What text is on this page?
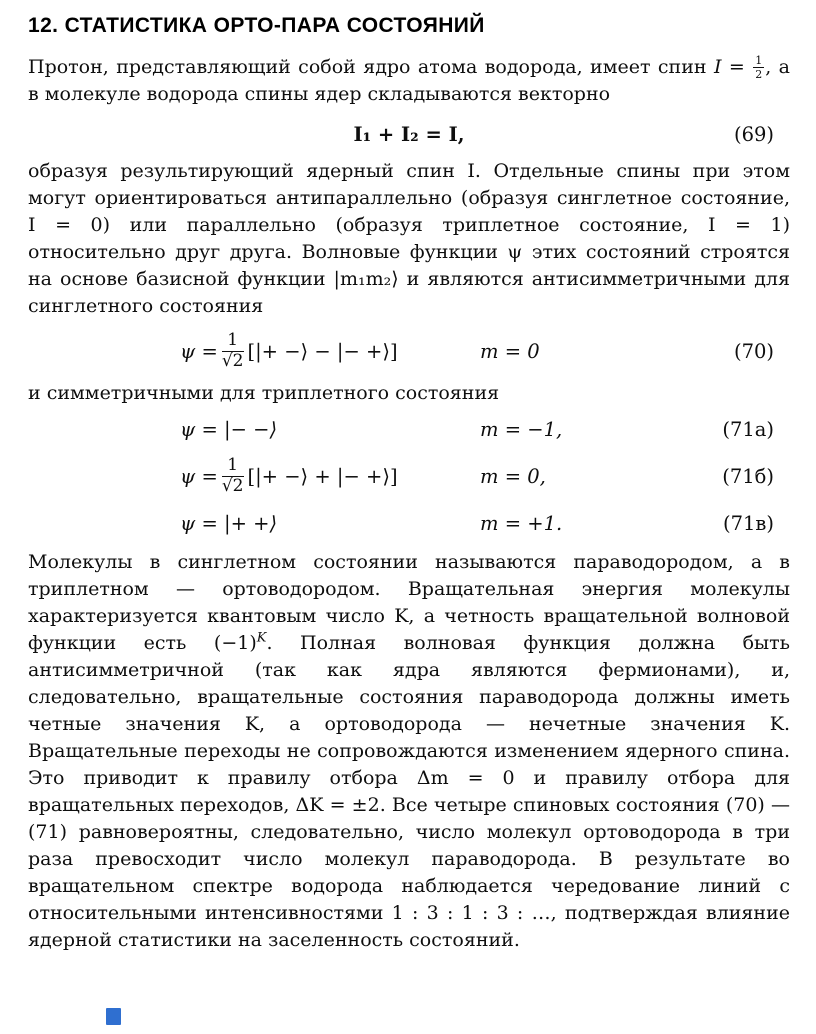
12. СТАТИСТИКА ОРТО-ПАРА СОСТОЯНИЙ

Протон, представляющий собой ядро атома водорода, имеет спин $I = \frac{1}{2}$ , а в молекуле водорода спины ядер складываются векторно

I₁ + I₂ = I,	(69)

образуя результирующий ядерный спин I. Отдельные спины при этом могут ориентироваться антипараллельно (образуя синглетное состояние, I = 0) или параллельно (образуя триплетное состояние, I = 1) относительно друг друга. Волновые функции ψ этих состояний строятся на основе базисной функции |m₁m₂⟩ и являются антисимметричными для синглетного состояния

$\psi = \frac{1}{√2}$ [|+ −⟩ − |− +⟩]	m = 0	(70)

и симметричными для триплетного состояния

ψ = |− −⟩	m = −1,	(71а)
$\psi = \frac{1}{√2}$ [|+ −⟩ + |− +⟩]	m = 0,	(71б)
ψ = |+ +⟩	m = +1.	(71в)

Молекулы в синглетном состоянии называются параводородом, а в триплетном — ортоводородом. Вращательная энергия молекулы характеризуется квантовым число K, а четность вращательной волновой функции есть $(-1)^K$. Полная волновая функция должна быть антисимметричной (так как ядра являются фермионами), и, следовательно, вращательные состояния параводорода должны иметь четные значения K, а ортоводорода — нечетные значения K. Вращательные переходы не сопровождаются изменением ядерного спина. Это приводит к правилу отбора Δm = 0 и правилу отбора для вращательных переходов, ΔK = ±2. Все четыре спиновых состояния (70) — (71) равновероятны, следовательно, число молекул ортоводорода в три раза превосходит число молекул параводорода. В результате во вращательном спектре водорода наблюдается чередование линий с относительными интенсивностями 1 : 3 : 1 : 3 : …, подтверждая влияние ядерной статистики на заселенность состояний.
